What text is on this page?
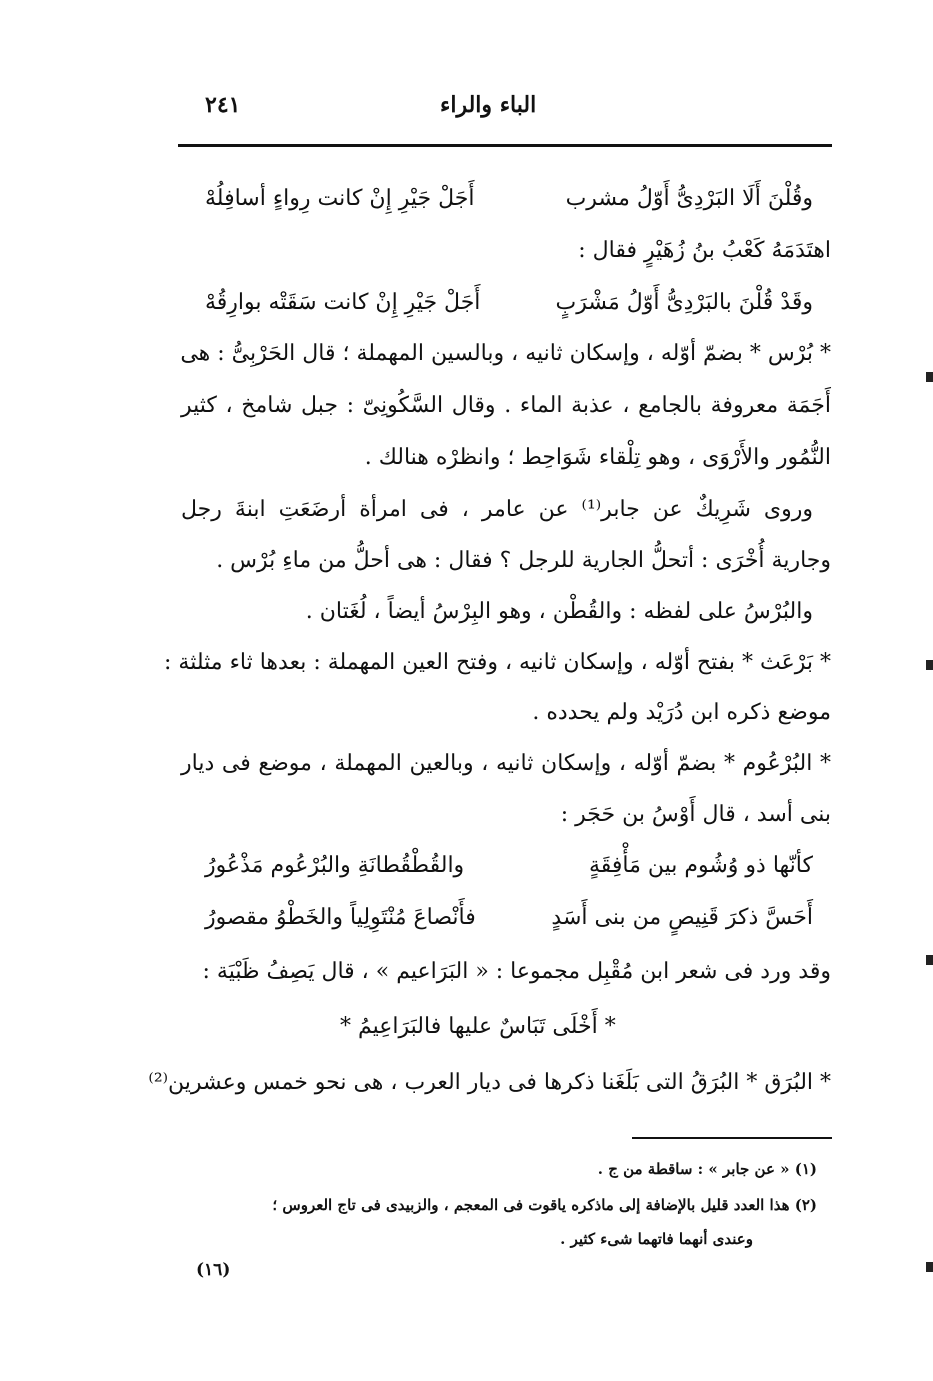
الباء والراء
٢٤١
وقُلْنَ أَلَا البَرْدِىُّ أَوّلُ مشرب
أَجَلْ جَيْرِ إِنْ كانت رِواءٍ أسافِلُهْ
اهتَدَمَهُ كَعْبُ بنُ زُهَيْرٍ فقال :
وقَدْ قُلْنَ بالبَرْدِىُّ أَوّلُ مَشْرَبٍ
أَجَلْ جَيْرِ إِنْ كانت سَقَتْه بوارِقُهْ
* بُرْس * بضمّ أوّله ، وإسكان ثانيه ، وبالسين المهملة ؛ قال الحَرْبِىُّ : هى
أَجَمَة معروفة بالجامع ، عذبة الماء . وقال السَّكُونِىّ : جبل شامخ ، كثير
النُّمُور والأَرْوَى ، وهو تِلْقاء شَوَاحِط ؛ وانظرْه هنالك .
وروى شَرِيكٌ عن جابر⁽¹⁾ عن عامر ، فى امرأة أرضَعَتِ ابنةَ رجل
وجارية أُخْرَى : أتحلُّ الجارية للرجل ؟ فقال : هى أحلُّ من ماءِ بُرْس .
والبُرْسُ على لفظه : والقُطْن ، وهو البِرْسُ أيضاً ، لُغَتان .
* بَرْعَث * بفتح أوّله ، وإسكان ثانيه ، وفتح العين المهملة : بعدها ثاء مثلثة :
موضع ذكره ابن دُرَيْد ولم يحدده .
* البُرْعُوم * بضمّ أوّله ، وإسكان ثانيه ، وبالعين المهملة ، موضع فى ديار
بنى أسد ، قال أَوْسُ بن حَجَر :
كأنّها ذو وُشُوم بين مَأْفِقَةٍ
والقُطْقُطانَةِ والبُرْعُوم مَذْعُورُ
أَحَسَّ ذكرَ قَنِيصٍ من بنى أَسَدٍ
فأَنْصاعَ مُنْتَوِلِياً والخَطْوُ مقصورُ
وقد ورد فى شعر ابن مُقْبِل مجموعا : « البَرَاعيم » ، قال يَصِفُ ظَبْيَة :
* أَخْلَى تَبَاسٌ عليها فالبَرَاعِيمُ *
* البُرَق * البُرَقُ التى بَلَغَنا ذكرها فى ديار العرب ، هى نحو خمس وعشرين⁽²⁾
(١) « عن جابر » : ساقطة من ج .
(٢) هذا العدد قليل بالإضافة إلى ماذكره ياقوت فى المعجم ، والزبيدى فى تاج العروس ؛
وعندى أنهما فاتهما شىء كثير .
(١٦)
